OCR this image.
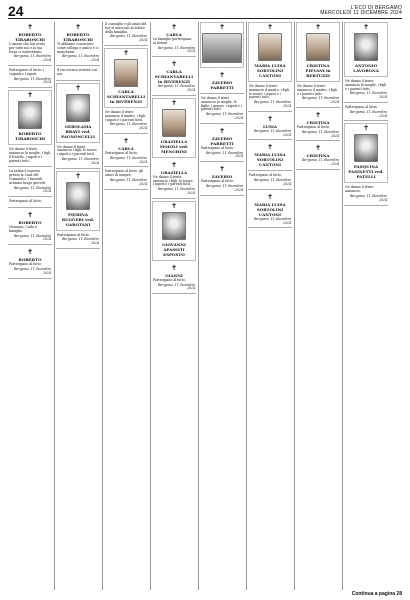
24	L'ECO DI BERGAMO
MERCOLEDÌ 11 DICEMBRE 2024
✝
ROBERTO TIRABOSCHI

L'amore che hai avuto per tutte noi e la tua forza ci sosterranno.

Bergamo, 11 dicembre 2024

Partecipano al lutto: i cognati e i nipoti.

Bergamo, 11 dicembre 2024
✝
ROBERTO TIRABOSCHI

Ne danno il triste annuncio la moglie, i figli, il fratello, i nipoti e i parenti tutti.

La salma è esposta presso la Casa del Commiato. I funerali avranno luogo giovedì.

Bergamo, 11 dicembre 2024

Partecipano al lutto:

✝
ROBERTO

Giovanni, Carla e famiglie.

Bergamo, 11 dicembre 2024
✝
ROBERTO

Partecipano al lutto:

Bergamo, 11 dicembre 2024
✝
ROBERTO TIRABOSCHI

Ti abbiamo conosciuto come collega e amico e ci mancherai.

Bergamo, 11 dicembre 2024

Il tuo sorriso resterà con noi.

✝
GEROLAMA BRAVI ved. PAGNONCELLI

Ne danno il triste annuncio i figli, le nuore, i nipoti e i parenti tutti.

Bergamo, 11 dicembre 2024
✝
PIERINA RUGGERI ved. GAROTANI

Partecipano al lutto.

Bergamo, 11 dicembre 2024

Il consiglio e gli amici del bar si uniscono al dolore della famiglia.

Bergamo, 11 dicembre 2024
✝
CARLA SCHIANTARELLI in RIVERENZI

Ne danno il triste annuncio il marito, i figli, i nipoti e i parenti tutti.

Bergamo, 11 dicembre 2024
✝
CARLA

Partecipano al lutto:

Bergamo, 11 dicembre 2024

Partecipano al lutto: gli amici di sempre.

Bergamo, 11 dicembre 2024
✝
CARLA

Le famiglie partecipano al dolore.

Bergamo, 11 dicembre 2024
✝
CARLA SCHIANTARELLI in RIVERENZI
Bergamo, 11 dicembre 2024
✝
GRAZIELLA MOIOLI ved. MENGHINI
✝
GRAZIELLA

Ne danno il triste annuncio i figli, le nuore, i nipoti e i parenti tutti.

Bergamo, 11 dicembre 2024
✝
GIOVANNI APASSITI ESPOSTO
✝
GIANNI

Partecipano al lutto.

Bergamo, 11 dicembre 2024
✝
✝
ZAVERIO PARRETTI

Ne danno il triste annuncio la moglie, le figlie, i generi, i nipoti e i parenti tutti.

Bergamo, 11 dicembre 2024
✝
ZAVERIO PARRETTI

Partecipano al lutto:

Bergamo, 11 dicembre 2024
✝
ZAVERIO

Partecipano al lutto:

Bergamo, 11 dicembre 2024
✝
MARIA LUISA SORTOLINI CANTONI

Ne danno il triste annuncio il marito, i figli, le nuore, i nipoti e i parenti tutti.

Bergamo, 11 dicembre 2024
✝
LUISA
Bergamo, 11 dicembre 2024
✝
MARIA LUISA SORTOLINI CANTONI

Partecipano al lutto.

Bergamo, 11 dicembre 2024
✝
MARIA LUISA SORTOLINI CANTONI
Bergamo, 11 dicembre 2024
✝
CRISTINA PIEVANI in BERTUZZI

Ne danno il triste annuncio il marito, i figli e i parenti tutti.

Bergamo, 11 dicembre 2024
✝
CRISTINA

Partecipano al lutto:

Bergamo, 11 dicembre 2024
✝
CRISTINA
Bergamo, 11 dicembre 2024
✝
ANTONIO LAVORGNA

Ne danno il triste annuncio la moglie, i figli e i parenti tutti.

Bergamo, 11 dicembre 2024

Partecipano al lutto.

Bergamo, 11 dicembre 2024
✝
PASQUINA PASINETTI ved. PATELLI

Ne danno il triste annuncio.

Bergamo, 11 dicembre 2024
Continua a pagina 28
